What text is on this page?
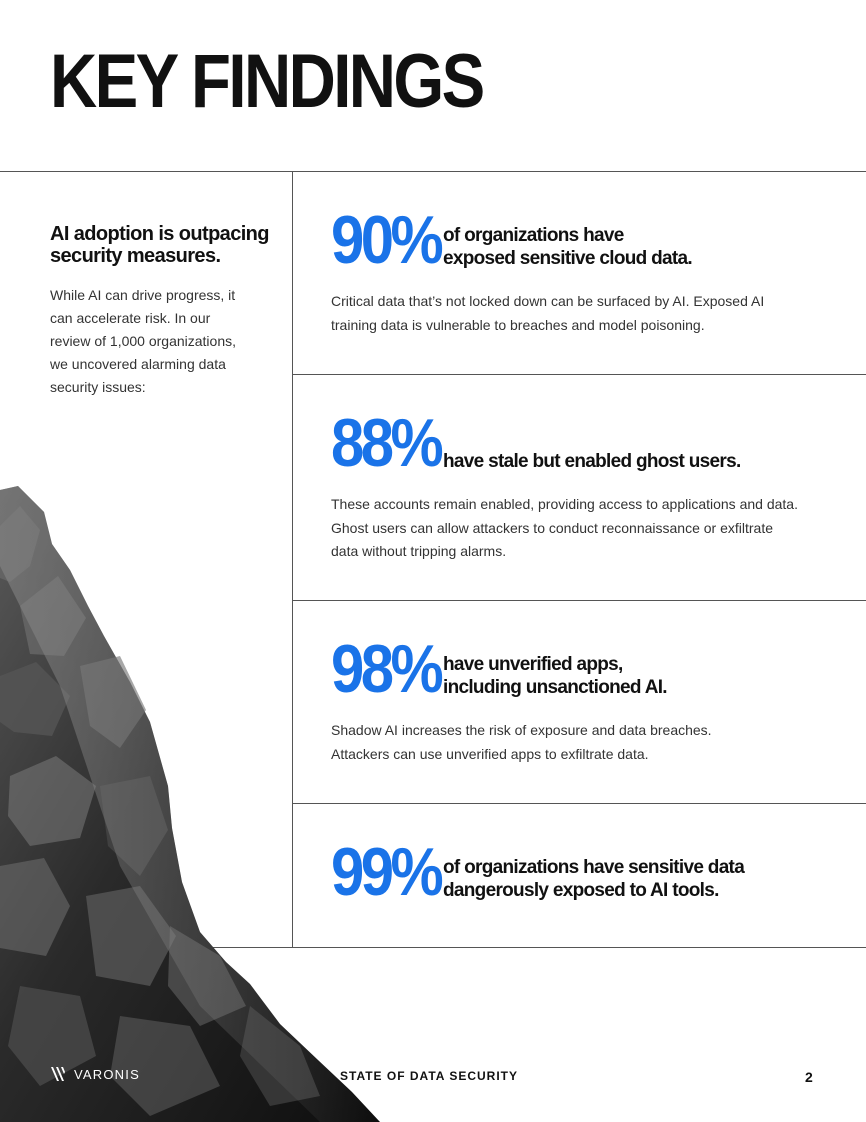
KEY FINDINGS
AI adoption is outpacing security measures.

While AI can drive progress, it can accelerate risk. In our review of 1,000 organizations, we uncovered alarming data security issues:

90% of organizations have exposed sensitive cloud data.

Critical data that’s not locked down can be surfaced by AI. Exposed AI training data is vulnerable to breaches and model poisoning.

88% have stale but enabled ghost users.

These accounts remain enabled, providing access to applications and data. Ghost users can allow attackers to conduct reconnaissance or exfiltrate data without tripping alarms.

98% have unverified apps, including unsanctioned AI.

Shadow AI increases the risk of exposure and data breaches. Attackers can use unverified apps to exfiltrate data.

99% of organizations have sensitive data dangerously exposed to AI tools.
VARONIS	STATE OF DATA SECURITY	2
